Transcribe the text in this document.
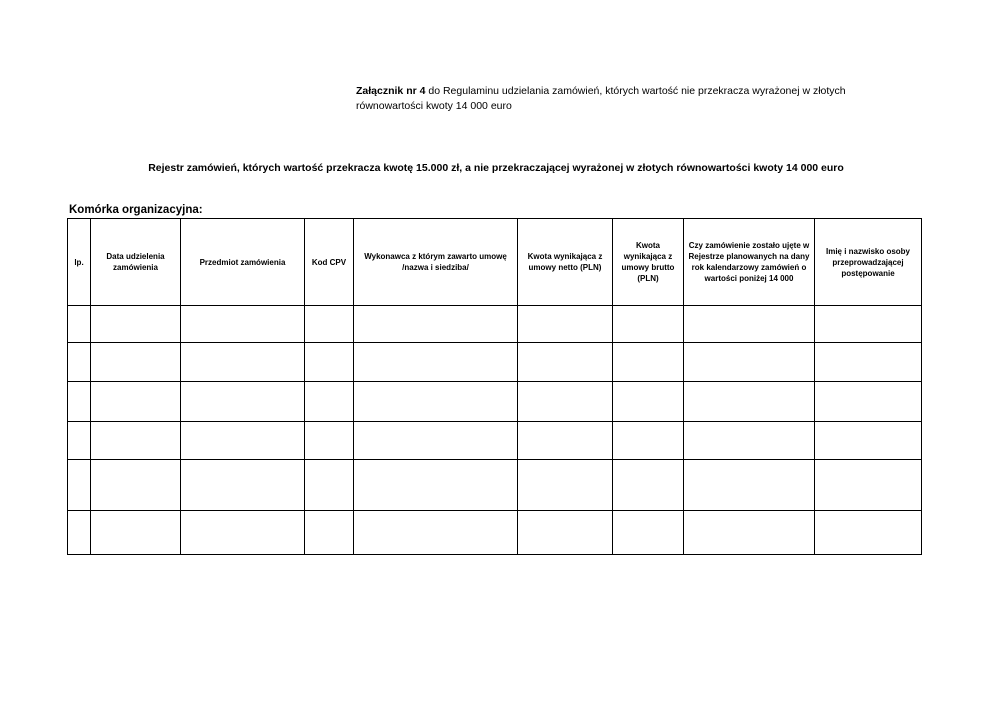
Załącznik nr 4 do Regulaminu udzielania zamówień, których wartość nie przekracza wyrażonej w złotych
równowartości kwoty 14 000 euro
Rejestr zamówień, których wartość przekracza kwotę 15.000 zł, a nie przekraczającej wyrażonej w złotych równowartości kwoty 14 000 euro
Komórka organizacyjna:
lp.	Data udzielenia zamówienia	Przedmiot zamówienia	Kod CPV	Wykonawca z którym zawarto umowę /nazwa i siedziba/	Kwota wynikająca z umowy netto (PLN)	Kwota wynikająca z umowy brutto (PLN)	Czy zamówienie zostało ujęte w Rejestrze planowanych na dany rok kalendarzowy zamówień o wartości poniżej 14 000	Imię i nazwisko osoby przeprowadzającej postępowanie
